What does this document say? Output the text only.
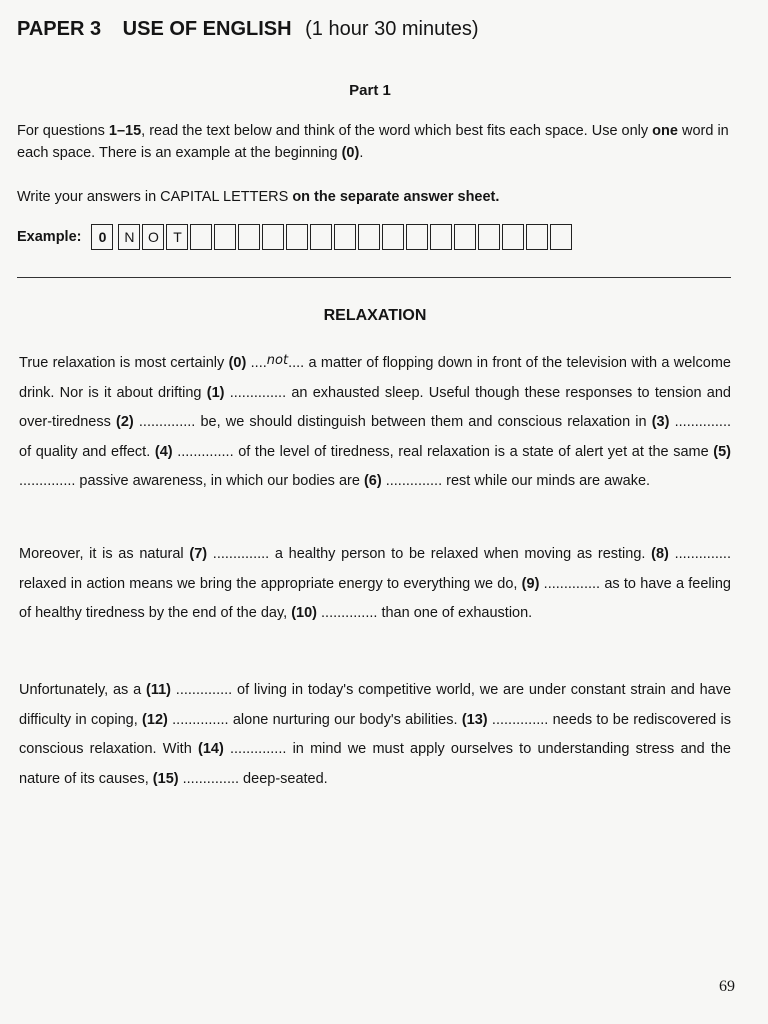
PAPER 3 USE OF ENGLISH (1 hour 30 minutes)
Part 1
For questions 1–15, read the text below and think of the word which best fits each space. Use only one word in each space. There is an example at the beginning (0).
Write your answers in CAPITAL LETTERS on the separate answer sheet.
Example:	0	N O	T
RELAXATION
True relaxation is most certainly (0) ....not.... a matter of flopping down in front of the television with a welcome drink. Nor is it about drifting (1) .............. an exhausted sleep. Useful though these responses to tension and over-tiredness (2) .............. be, we should distinguish between them and conscious relaxation in (3) .............. of quality and effect. (4) .............. of the level of tiredness, real relaxation is a state of alert yet at the same (5) .............. passive awareness, in which our bodies are (6) .............. rest while our minds are awake.
Moreover, it is as natural (7) .............. a healthy person to be relaxed when moving as resting. (8) .............. relaxed in action means we bring the appropriate energy to everything we do, (9) .............. as to have a feeling of healthy tiredness by the end of the day, (10) .............. than one of exhaustion.
Unfortunately, as a (11) .............. of living in today's competitive world, we are under constant strain and have difficulty in coping, (12) .............. alone nurturing our body's abilities. (13) .............. needs to be rediscovered is conscious relaxation. With (14) .............. in mind we must apply ourselves to understanding stress and the nature of its causes, (15) .............. deep-seated.
69
